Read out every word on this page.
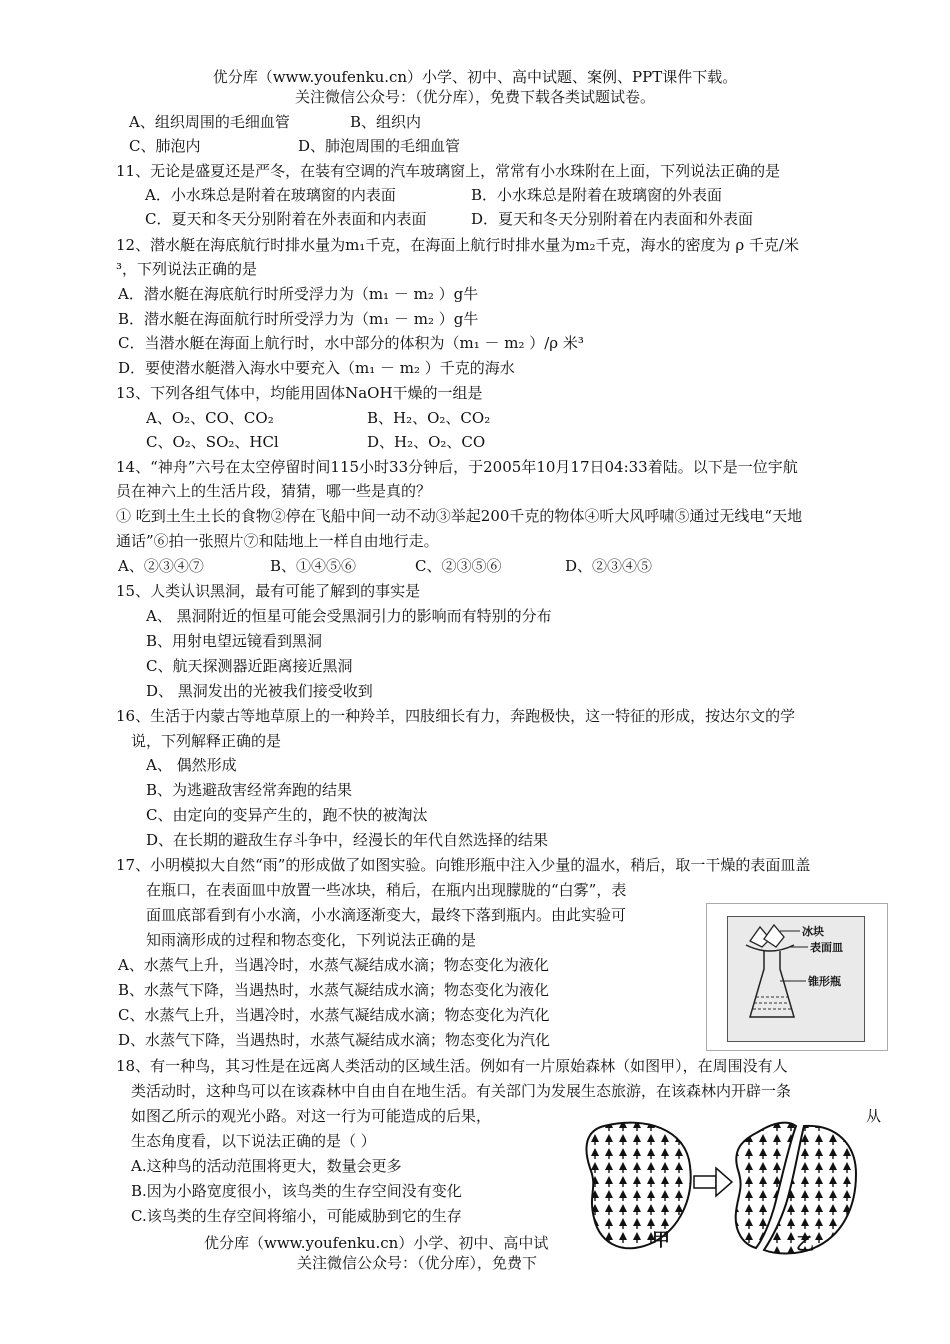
优分库（www.youfenku.cn）小学、初中、高中试题、案例、PPT课件下载。
关注微信公众号：（优分库），免费下载各类试题试卷。
A、组织周围的毛细血管	B、组织内
C、肺泡内	D、肺泡周围的毛细血管
11、无论是盛夏还是严冬，在装有空调的汽车玻璃窗上，常常有小水珠附在上面，下列说法正确的是
A．小水珠总是附着在玻璃窗的内表面	B．小水珠总是附着在玻璃窗的外表面
C．夏天和冬天分别附着在外表面和内表面	D．夏天和冬天分别附着在内表面和外表面
12、潜水艇在海底航行时排水量为m₁千克，在海面上航行时排水量为m₂千克，海水的密度为 ρ 千克/米
³，下列说法正确的是
A．潜水艇在海底航行时所受浮力为（m₁ － m₂ ）g牛
B．潜水艇在海面航行时所受浮力为（m₁ － m₂ ）g牛
C．当潜水艇在海面上航行时，水中部分的体积为（m₁ － m₂ ）/ρ 米³
D．要使潜水艇潜入海水中要充入（m₁ － m₂ ）千克的海水
13、下列各组气体中，均能用固体NaOH干燥的一组是
A、O₂、CO、CO₂	B、H₂、O₂、CO₂
C、O₂、SO₂、HCl	D、H₂、O₂、CO
14、“神舟”六号在太空停留时间115小时33分钟后，于2005年10月17日04:33着陆。以下是一位宇航
员在神六上的生活片段，猜猜，哪一些是真的？
① 吃到土生土长的食物②停在飞船中间一动不动③举起200千克的物体④听大风呼啸⑤通过无线电“天地
通话”⑥拍一张照片⑦和陆地上一样自由地行走。
A、②③④⑦	B、①④⑤⑥	C、②③⑤⑥	D、②③④⑤
15、人类认识黑洞，最有可能了解到的事实是
A、 黑洞附近的恒星可能会受黑洞引力的影响而有特别的分布
B、用射电望远镜看到黑洞
C、航天探测器近距离接近黑洞
D、 黑洞发出的光被我们接受收到
16、生活于内蒙古等地草原上的一种羚羊，四肢细长有力，奔跑极快，这一特征的形成，按达尔文的学
说，下列解释正确的是
A、 偶然形成
B、为逃避敌害经常奔跑的结果
C、由定向的变异产生的，跑不快的被淘汰
D、在长期的避敌生存斗争中，经漫长的年代自然选择的结果
17、小明模拟大自然“雨”的形成做了如图实验。向锥形瓶中注入少量的温水，稍后，取一干燥的表面皿盖
在瓶口，在表面皿中放置一些冰块，稍后，在瓶内出现朦胧的“白雾”，表
面皿底部看到有小水滴，小水滴逐渐变大，最终下落到瓶内。由此实验可
知雨滴形成的过程和物态变化，下列说法正确的是
A、水蒸气上升，当遇冷时，水蒸气凝结成水滴；物态变化为液化
B、水蒸气下降，当遇热时，水蒸气凝结成水滴；物态变化为液化
C、水蒸气上升，当遇冷时，水蒸气凝结成水滴；物态变化为汽化
D、水蒸气下降，当遇热时，水蒸气凝结成水滴；物态变化为汽化
冰块
表面皿
锥形瓶
18、有一种鸟，其习性是在远离人类活动的区域生活。例如有一片原始森林（如图甲），在周围没有人
类活动时，这种鸟可以在该森林中自由自在地生活。有关部门为发展生态旅游，在该森林内开辟一条
如图乙所示的观光小路。对这一行为可能造成的后果，	从
生态角度看，以下说法正确的是（ ）
A.这种鸟的活动范围将更大，数量会更多
B.因为小路宽度很小，该鸟类的生存空间没有变化
C.该鸟类的生存空间将缩小，可能威胁到它的生存
甲	乙
优分库（www.youfenku.cn）小学、初中、高中试
关注微信公众号：（优分库），免费下
